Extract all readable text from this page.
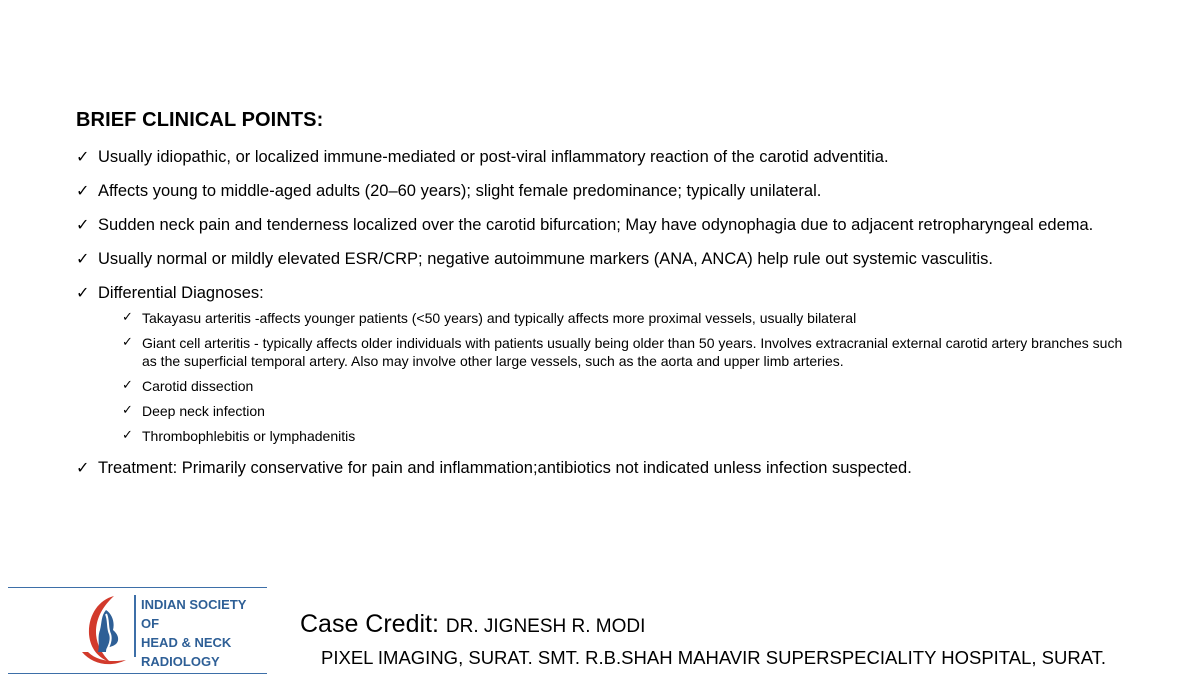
BRIEF CLINICAL POINTS:
✓ Usually idiopathic, or localized immune-mediated or post-viral inflammatory reaction of the carotid adventitia.
✓ Affects young to middle-aged adults (20–60 years); slight female predominance; typically unilateral.
✓ Sudden neck pain and tenderness localized over the carotid bifurcation; May have odynophagia due to adjacent retropharyngeal edema.
✓ Usually normal or mildly elevated ESR/CRP; negative autoimmune markers (ANA, ANCA) help rule out systemic vasculitis.
✓ Differential Diagnoses:
✓ Takayasu arteritis -affects younger patients (<50 years) and typically affects more proximal vessels, usually bilateral
✓ Giant cell arteritis - typically affects older individuals with patients usually being older than 50 years. Involves extracranial external carotid artery branches such as the superficial temporal artery. Also may involve other large vessels, such as the aorta and upper limb arteries.
✓ Carotid dissection
✓ Deep neck infection
✓ Thrombophlebitis or lymphadenitis
✓ Treatment: Primarily conservative for pain and inflammation;antibiotics not indicated unless infection suspected.
INDIAN SOCIETY OF
HEAD & NECK
RADIOLOGY
Case Credit: DR. JIGNESH R. MODI
PIXEL IMAGING, SURAT. SMT. R.B.SHAH MAHAVIR SUPERSPECIALITY HOSPITAL, SURAT.
